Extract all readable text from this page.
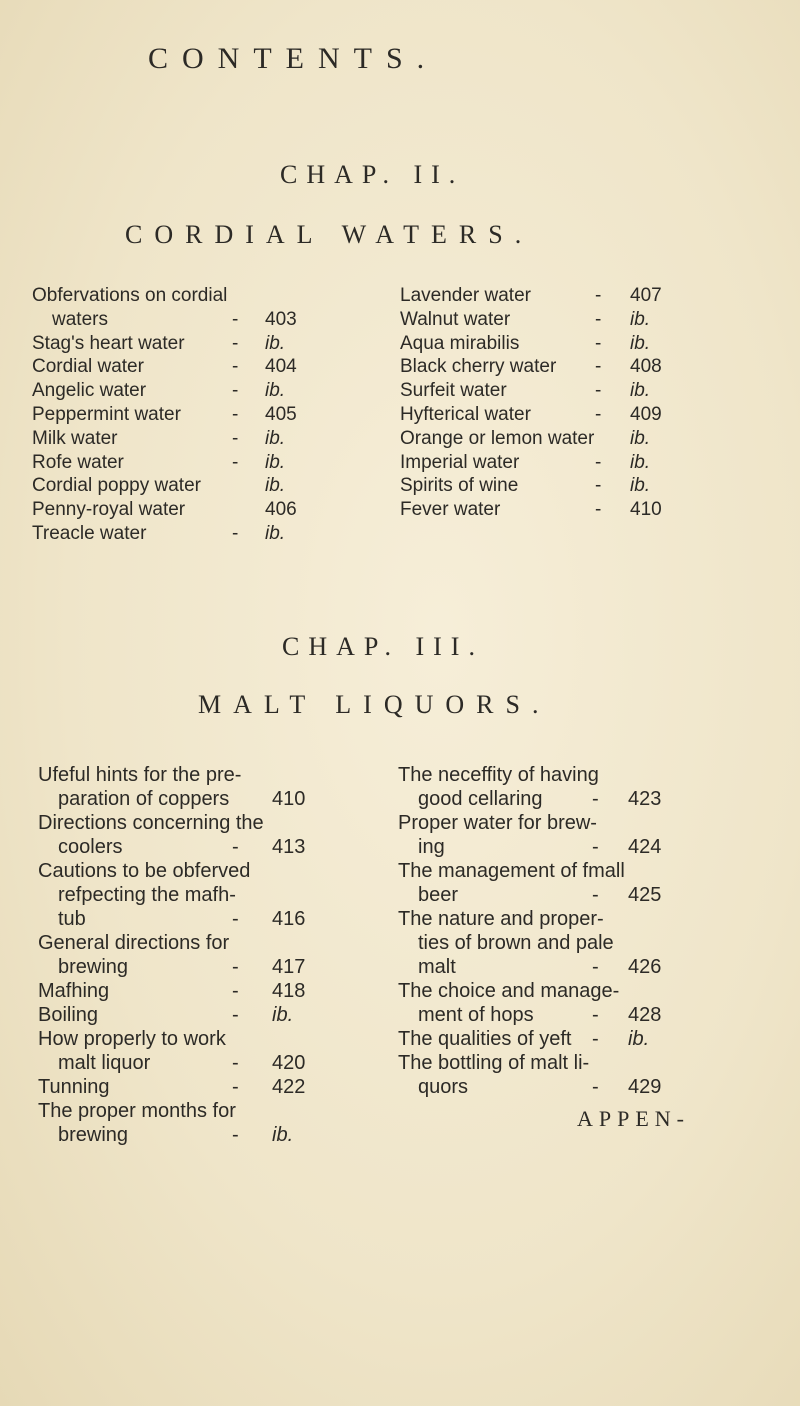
CONTENTS.
CHAP. II.
CORDIAL WATERS.
Obfervations on cordial
waters	- 403
Stag's heart water - ib.
Cordial water	- 404
Angelic water	- ib.
Peppermint water	- 405
Milk water	- ib.
Rofe water	- ib.
Cordial poppy water	ib.
Penny-royal water	406
Treacle water	- ib.
Lavender water	- 407
Walnut water	- ib.
Aqua mirabilis	- ib.
Black cherry water - 408
Surfeit water	- ib.
Hyfterical water	- 409
Orange or lemon water ib.
Imperial water	- ib.
Spirits of wine	- ib.
Fever water	- 410
CHAP. III.
MALT LIQUORS.
Ufeful hints for the pre-
paration of coppers 410
Directions concerning the
coolers	- 413
Cautions to be obferved
refpecting the mafh-
tub	- 416
General directions for
brewing	- 417
Mafhing	- 418
Boiling	- ib.
How properly to work
malt liquor	- 420
Tunning	- 422
The proper months for
brewing	- ib.
The neceffity of having
good cellaring - 423
Proper water for brew-
ing	- 424
The management of fmall
beer	- 425
The nature and proper-
ties of brown and pale
malt	- 426
The choice and manage-
ment of hops	- 428
The qualities of yeft - ib.
The bottling of malt li-
quors	- 429
APPEN-
